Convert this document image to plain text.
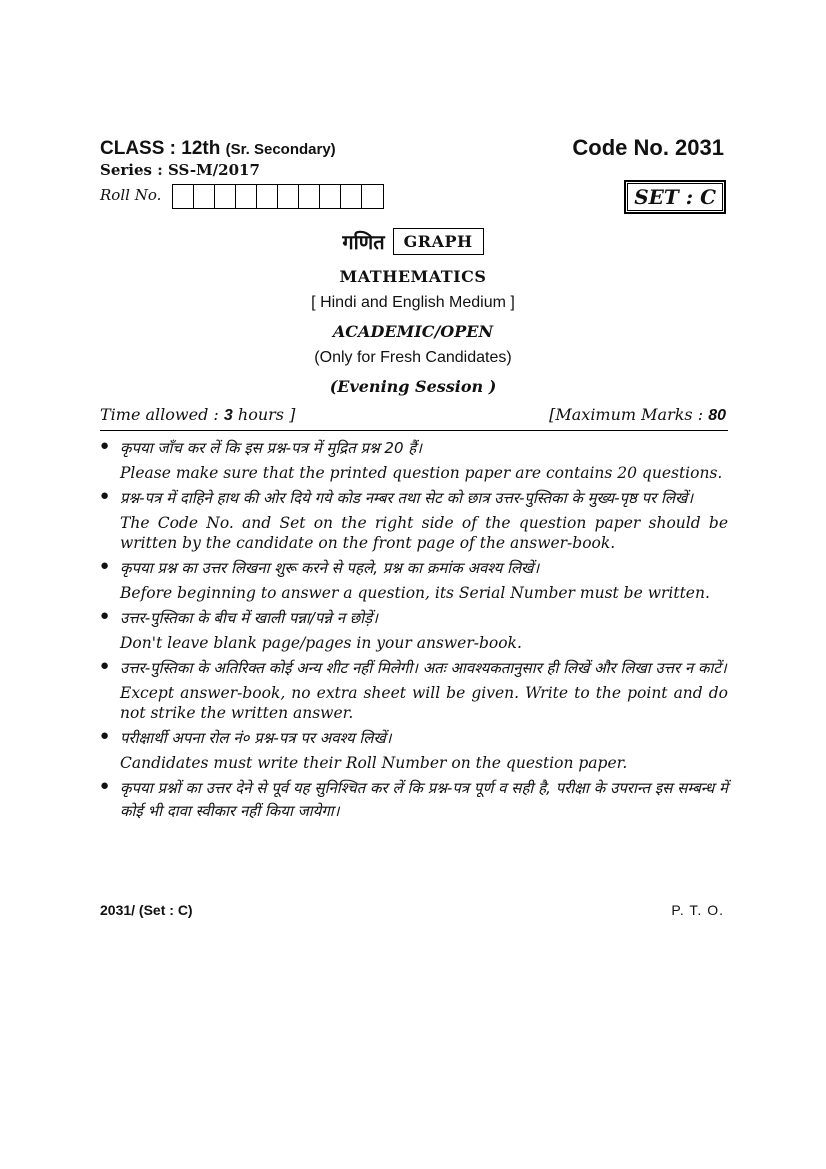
CLASS : 12th (Sr. Secondary)	Code No. 2031
Series : SS-M/2017
Roll No.	SET : C
गणित	GRAPH
MATHEMATICS
[ Hindi and English Medium ]
ACADEMIC/OPEN
(Only for Fresh Candidates)
(Evening Session )
Time allowed : 3 hours ]	[Maximum Marks : 80
● कृपया जाँच कर लें कि इस प्रश्न-पत्र में मुद्रित प्रश्न 20 हैं।
Please make sure that the printed question paper are contains 20 questions.
● प्रश्न-पत्र में दाहिने हाथ की ओर दिये गये कोड नम्बर तथा सेट को छात्र उत्तर-पुस्तिका के मुख्य-पृष्ठ पर लिखें।
The Code No. and Set on the right side of the question paper should be written by the candidate on the front page of the answer-book.
● कृपया प्रश्न का उत्तर लिखना शुरू करने से पहले, प्रश्न का क्रमांक अवश्य लिखें।
Before beginning to answer a question, its Serial Number must be written.
● उत्तर-पुस्तिका के बीच में खाली पन्ना/पन्ने न छोड़ें।
Don't leave blank page/pages in your answer-book.
● उत्तर-पुस्तिका के अतिरिक्त कोई अन्य शीट नहीं मिलेगी। अतः आवश्यकतानुसार ही लिखें और लिखा उत्तर न काटें।
Except answer-book, no extra sheet will be given. Write to the point and do not strike the written answer.
● परीक्षार्थी अपना रोल नं० प्रश्न-पत्र पर अवश्य लिखें।
Candidates must write their Roll Number on the question paper.
● कृपया प्रश्नों का उत्तर देने से पूर्व यह सुनिश्चित कर लें कि प्रश्न-पत्र पूर्ण व सही है, परीक्षा के उपरान्त इस सम्बन्ध में कोई भी दावा स्वीकार नहीं किया जायेगा।
2031/ (Set : C)	P. T. O.
